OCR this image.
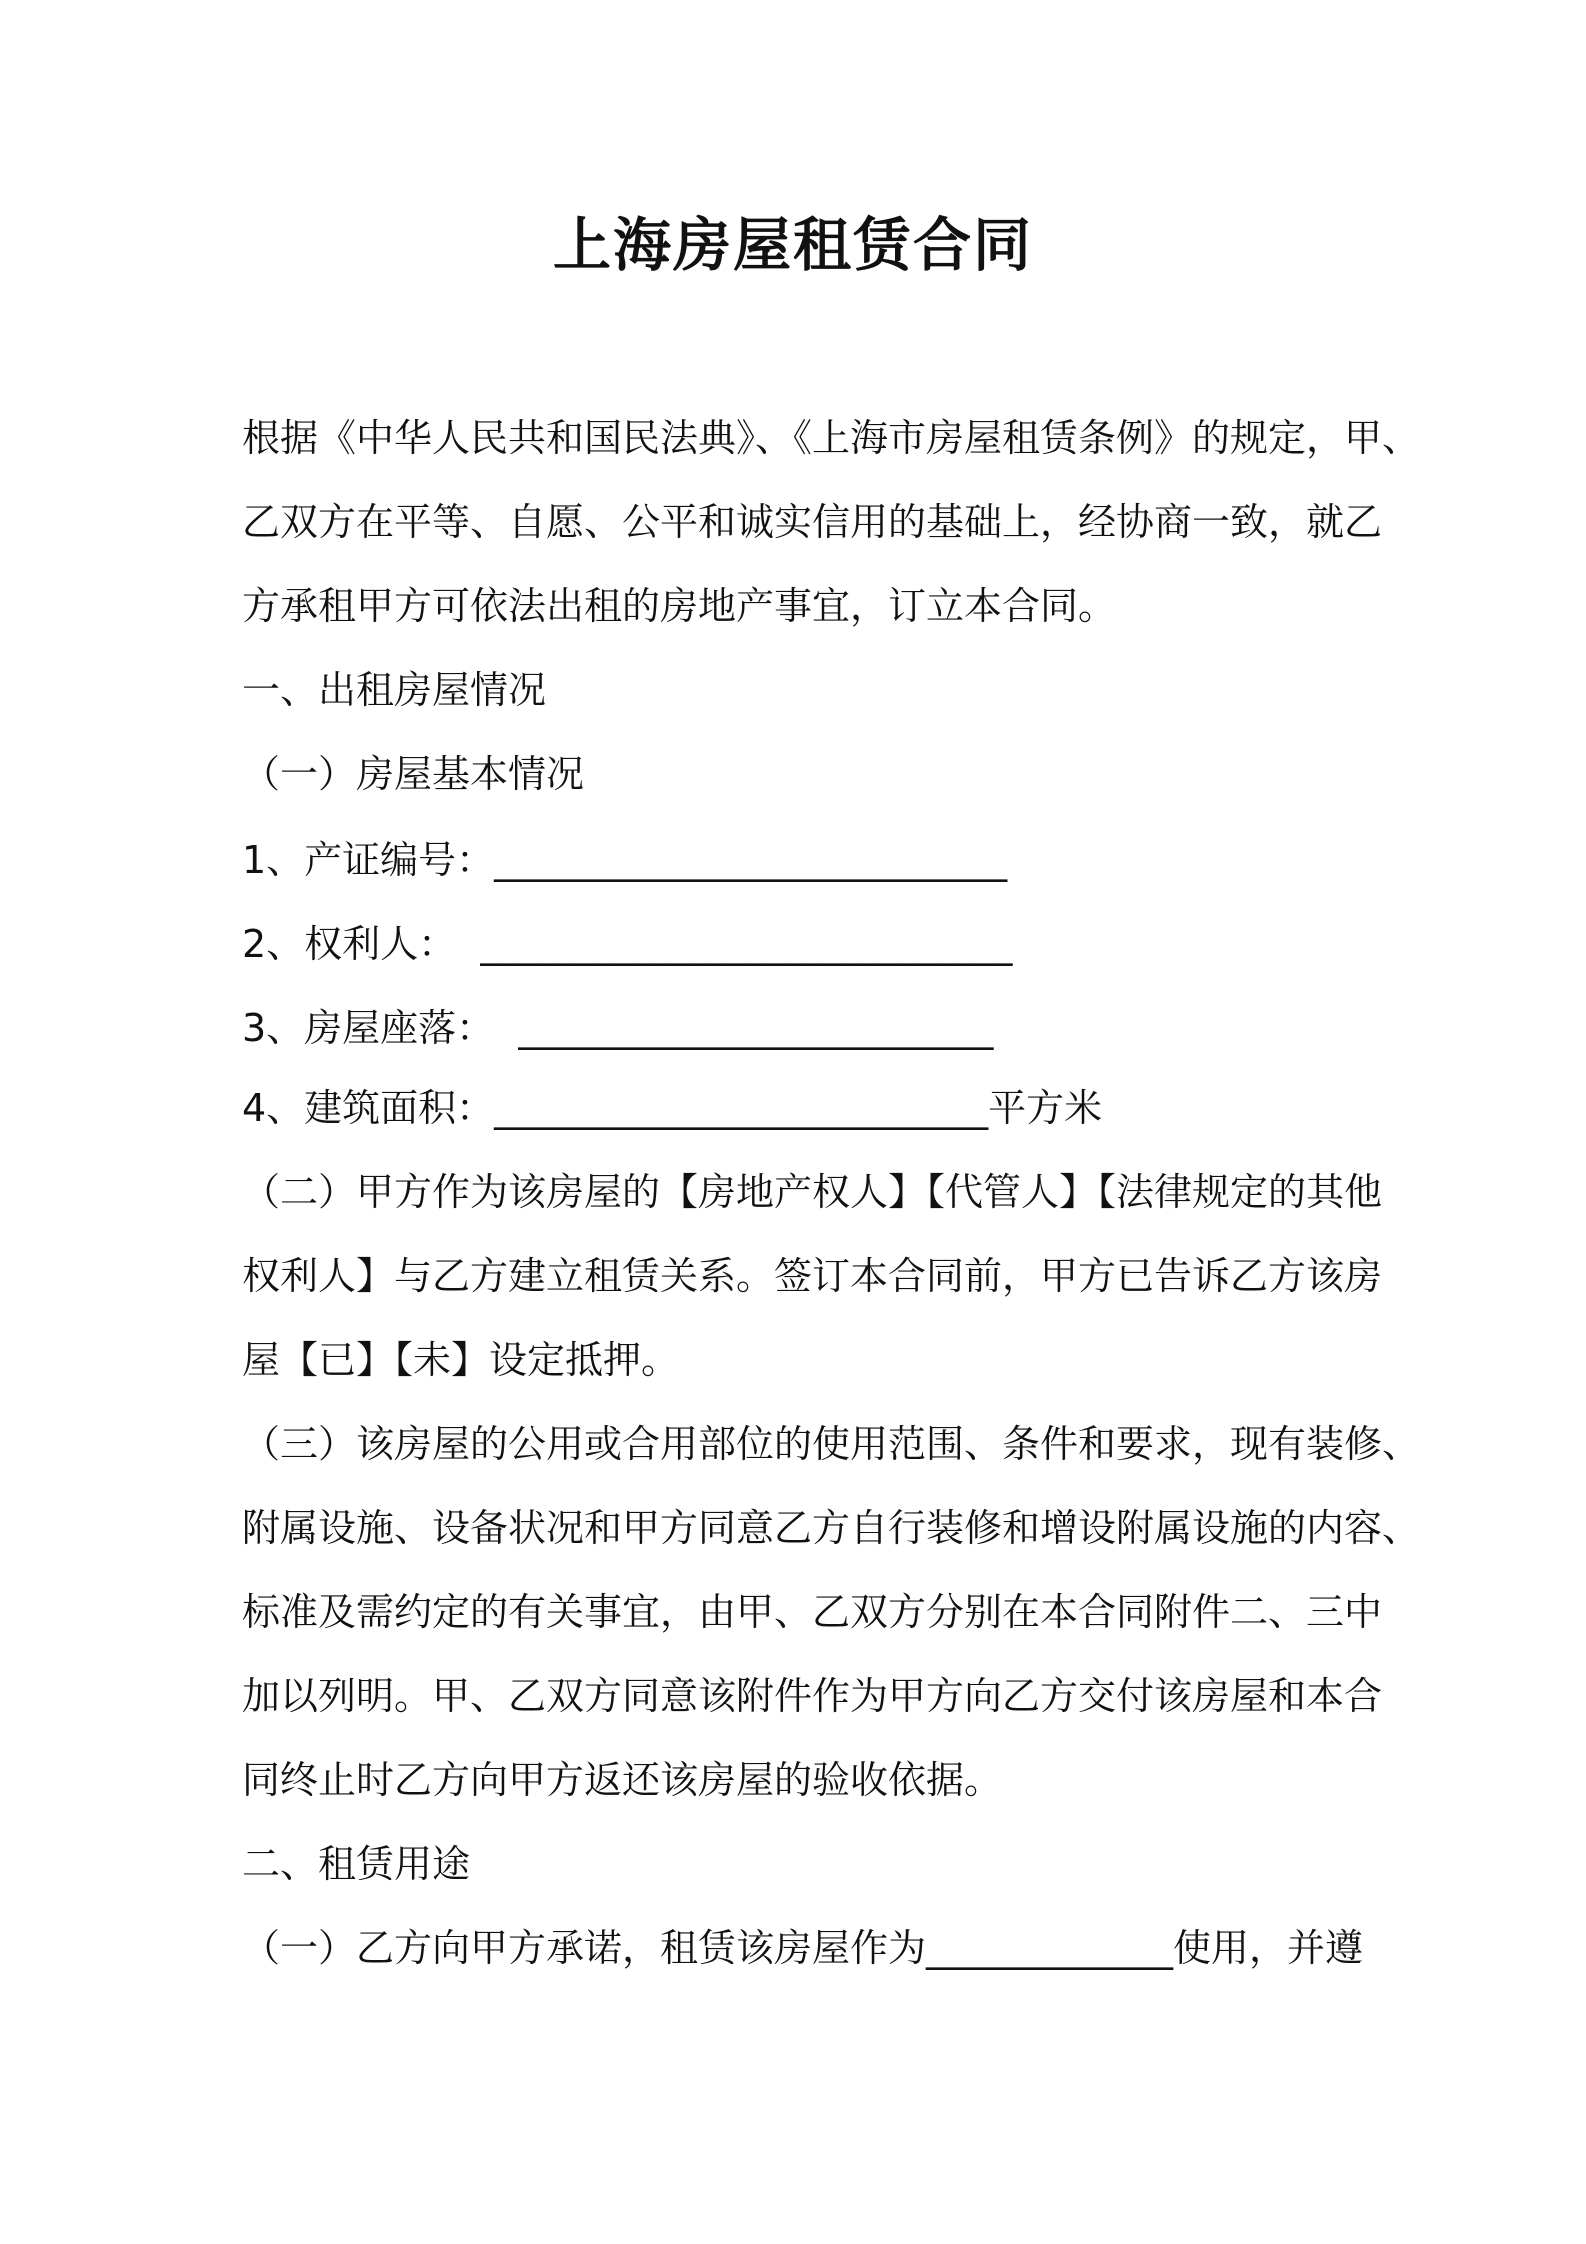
上海房屋租赁合同
根据《中华人民共和国民法典》、《上海市房屋租赁条例》的规定，甲、
乙双方在平等、自愿、公平和诚实信用的基础上，经协商一致，就乙
方承租甲方可依法出租的房地产事宜，订立本合同。
一、出租房屋情况
（一）房屋基本情况
1、产证编号：___________________________
2、权利人：  ____________________________
3、房屋座落：  _________________________
4、建筑面积：__________________________平方米
（二）甲方作为该房屋的【房地产权人】【代管人】【法律规定的其他
权利人】与乙方建立租赁关系。签订本合同前，甲方已告诉乙方该房
屋【已】【未】设定抵押。
（三）该房屋的公用或合用部位的使用范围、条件和要求，现有装修、
附属设施、设备状况和甲方同意乙方自行装修和增设附属设施的内容、
标准及需约定的有关事宜，由甲、乙双方分别在本合同附件二、三中
加以列明。甲、乙双方同意该附件作为甲方向乙方交付该房屋和本合
同终止时乙方向甲方返还该房屋的验收依据。
二、租赁用途
（一）乙方向甲方承诺，租赁该房屋作为_____________使用，并遵
